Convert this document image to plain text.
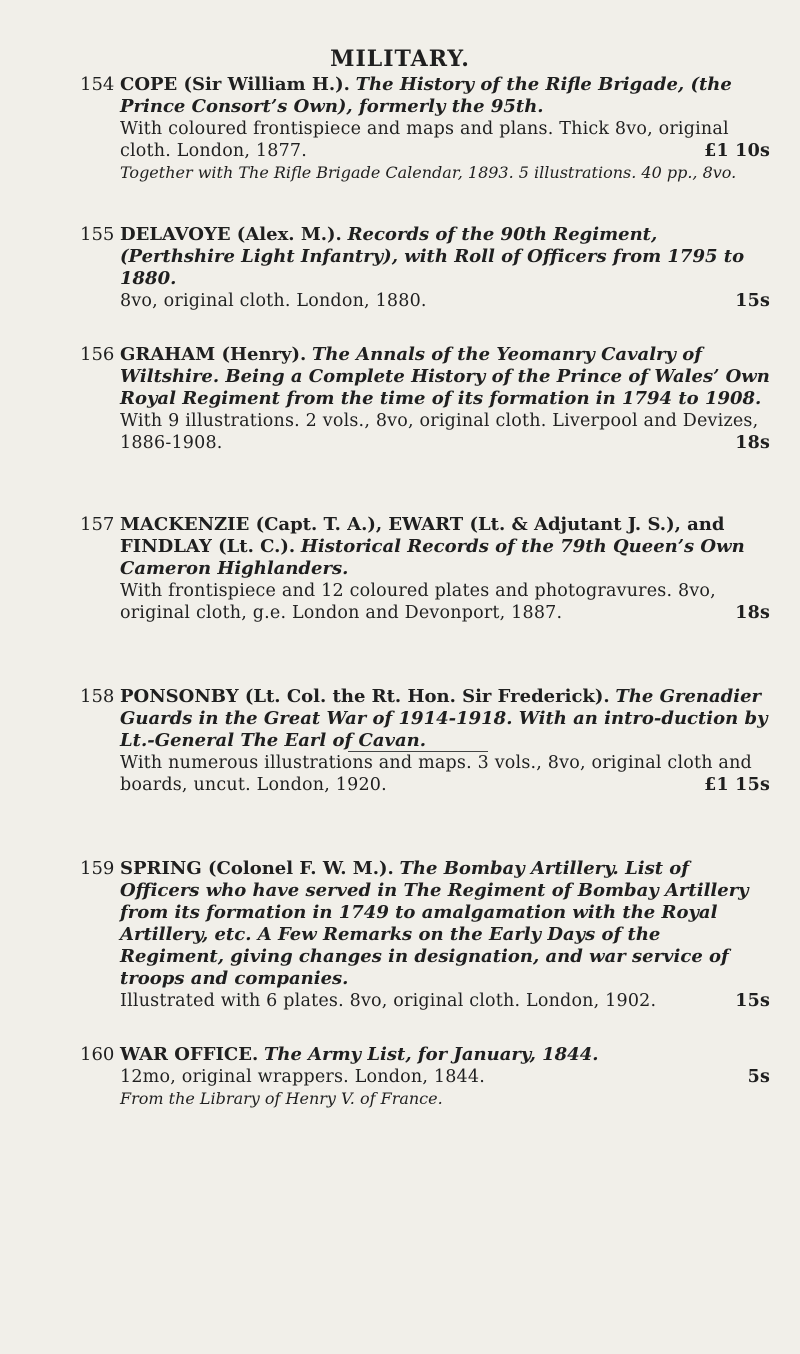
MILITARY.
154 COPE (Sir William H.). The History of the Rifle Brigade, (the Prince Consort’s Own), formerly the 95th.
With coloured frontispiece and maps and plans. Thick 8vo, original cloth. London, 1877.	£1 10s
Together with The Rifle Brigade Calendar, 1893. 5 illustrations. 40 pp., 8vo.
155 DELAVOYE (Alex. M.). Records of the 90th Regiment, (Perthshire Light Infantry), with Roll of Officers from 1795 to 1880.
8vo, original cloth. London, 1880.	15s
156 GRAHAM (Henry). The Annals of the Yeomanry Cavalry of Wiltshire. Being a Complete History of the Prince of Wales’ Own Royal Regiment from the time of its formation in 1794 to 1908.
With 9 illustrations. 2 vols., 8vo, original cloth. Liverpool and Devizes, 1886-1908.	18s
157 MACKENZIE (Capt. T. A.), EWART (Lt. & Adjutant J. S.), and FINDLAY (Lt. C.). Historical Records of the 79th Queen’s Own Cameron Highlanders.
With frontispiece and 12 coloured plates and photogravures. 8vo, original cloth, g.e. London and Devonport, 1887.	18s
158 PONSONBY (Lt. Col. the Rt. Hon. Sir Frederick). The Grenadier Guards in the Great War of 1914-1918. With an intro-duction by Lt.-General The Earl of Cavan.
With numerous illustrations and maps. 3 vols., 8vo, original cloth and boards, uncut. London, 1920.	£1 15s
159 SPRING (Colonel F. W. M.). The Bombay Artillery. List of Officers who have served in The Regiment of Bombay Artillery from its formation in 1749 to amalgamation with the Royal Artillery, etc. A Few Remarks on the Early Days of the Regiment, giving changes in designation, and war service of troops and companies.
Illustrated with 6 plates. 8vo, original cloth. London, 1902.	15s
160 WAR OFFICE. The Army List, for January, 1844.
12mo, original wrappers. London, 1844.	5s
From the Library of Henry V. of France.
